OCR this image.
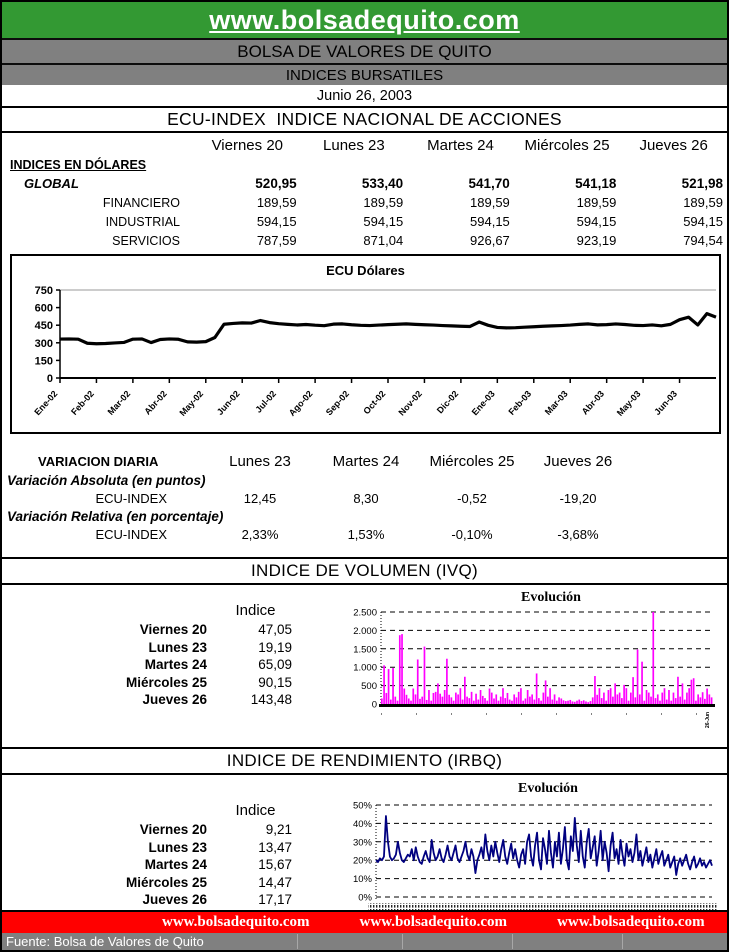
www.bolsadequito.com
BOLSA DE VALORES DE QUITO
INDICES BURSATILES
Junio 26, 2003
ECU-INDEX  INDICE NACIONAL DE ACCIONES
Viernes 20	Lunes 23	Martes 24	Miércoles 25	Jueves 26
INDICES EN DÓLARES
GLOBAL	520,95	533,40	541,70	541,18	521,98
FINANCIERO	189,59	189,59	189,59	189,59	189,59
INDUSTRIAL	594,15	594,15	594,15	594,15	594,15
SERVICIOS	787,59	871,04	926,67	923,19	794,54
ECU Dólares
750
600
450
300
150
0
Ene-02 Feb-02 Mar-02 Abr-02 May-02 Jun-02 Jul-02 Ago-02 Sep-02 Oct-02 Nov-02 Dic-02 Ene-03 Feb-03 Mar-03 Abr-03 May-03 Jun-03
VARIACION DIARIA	Lunes 23	Martes 24	Miércoles 25	Jueves 26
Variación Absoluta (en puntos)
ECU-INDEX	12,45	8,30	-0,52	-19,20
Variación Relativa (en porcentaje)
ECU-INDEX	2,33%	1,53%	-0,10%	-3,68%
INDICE DE VOLUMEN (IVQ)
Indice
Viernes 20	47,05
Lunes 23	19,19
Martes 24	65,09
Miércoles 25	90,15
Jueves 26	143,48
Evolución
0
500
1.000
1.500
2.000
2.500
26-Jun
INDICE DE RENDIMIENTO (IRBQ)
Indice
Viernes 20	9,21
Lunes 23	13,47
Martes 24	15,67
Miércoles 25	14,47
Jueves 26	17,17
Evolución
0%
10%
20%
30%
40%
50%
www.bolsadequito.com	www.bolsadequito.com	www.bolsadequito.com
Fuente: Bolsa de Valores de Quito
